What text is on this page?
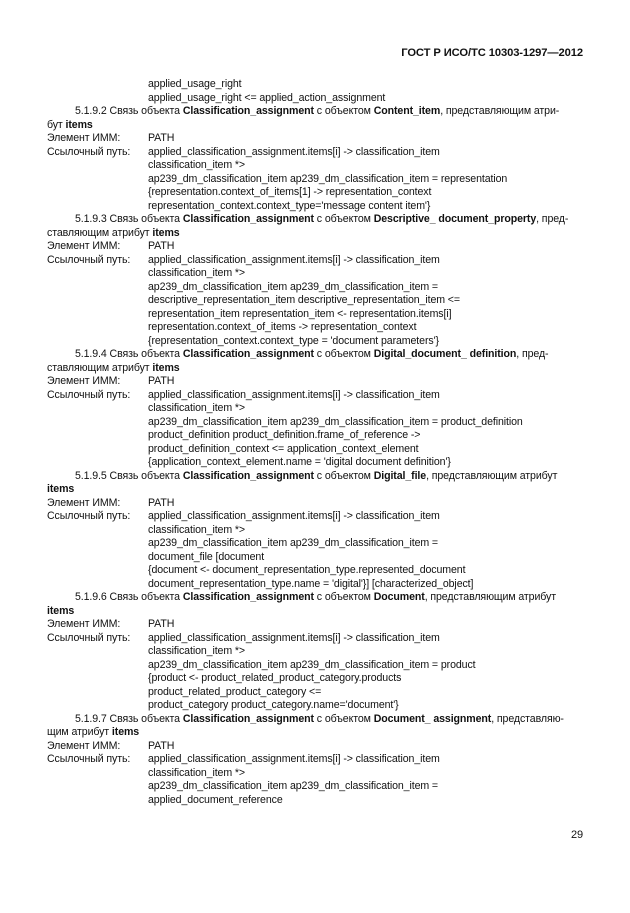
ГОСТ Р ИСО/ТС 10303-1297—2012
applied_usage_right
applied_usage_right <= applied_action_assignment
5.1.9.2 Связь объекта Classification_assignment с объектом Content_item, представляющим атри-
бут items
Элемент ИММ:	PATH
Ссылочный путь:	applied_classification_assignment.items[i] -> classification_item
classification_item *>
ap239_dm_classification_item ap239_dm_classification_item = representation
{representation.context_of_items[1] -> representation_context
representation_context.context_type='message content item'}
5.1.9.3 Связь объекта Classification_assignment с объектом Descriptive_ document_property, пред-
ставляющим атрибут items
Элемент ИММ:	PATH
Ссылочный путь:	applied_classification_assignment.items[i] -> classification_item
classification_item *>
ap239_dm_classification_item ap239_dm_classification_item =
descriptive_representation_item descriptive_representation_item <=
representation_item representation_item <- representation.items[i]
representation.context_of_items -> representation_context
{representation_context.context_type = 'document parameters'}
5.1.9.4 Связь объекта Classification_assignment с объектом Digital_document_ definition, пред-
ставляющим атрибут items
Элемент ИММ:	PATH
Ссылочный путь:	applied_classification_assignment.items[i] -> classification_item
classification_item *>
ap239_dm_classification_item ap239_dm_classification_item = product_definition
product_definition product_definition.frame_of_reference ->
product_definition_context <= application_context_element
{application_context_element.name = 'digital document definition'}
5.1.9.5 Связь объекта Classification_assignment с объектом Digital_file, представляющим атрибут
items
Элемент ИММ:	PATH
Ссылочный путь:	applied_classification_assignment.items[i] -> classification_item
classification_item *>
ap239_dm_classification_item ap239_dm_classification_item =
document_file [document
{document <- document_representation_type.represented_document
document_representation_type.name = 'digital'}] [characterized_object]
5.1.9.6 Связь объекта Classification_assignment с объектом Document, представляющим атрибут
items
Элемент ИММ:	PATH
Ссылочный путь:	applied_classification_assignment.items[i] -> classification_item
classification_item *>
ap239_dm_classification_item ap239_dm_classification_item = product
{product <- product_related_product_category.products
product_related_product_category <=
product_category product_category.name='document'}
5.1.9.7 Связь объекта Classification_assignment с объектом Document_ assignment, представляю-
щим атрибут items
Элемент ИММ:	PATH
Ссылочный путь:	applied_classification_assignment.items[i] -> classification_item
classification_item *>
ap239_dm_classification_item ap239_dm_classification_item =
applied_document_reference
29
